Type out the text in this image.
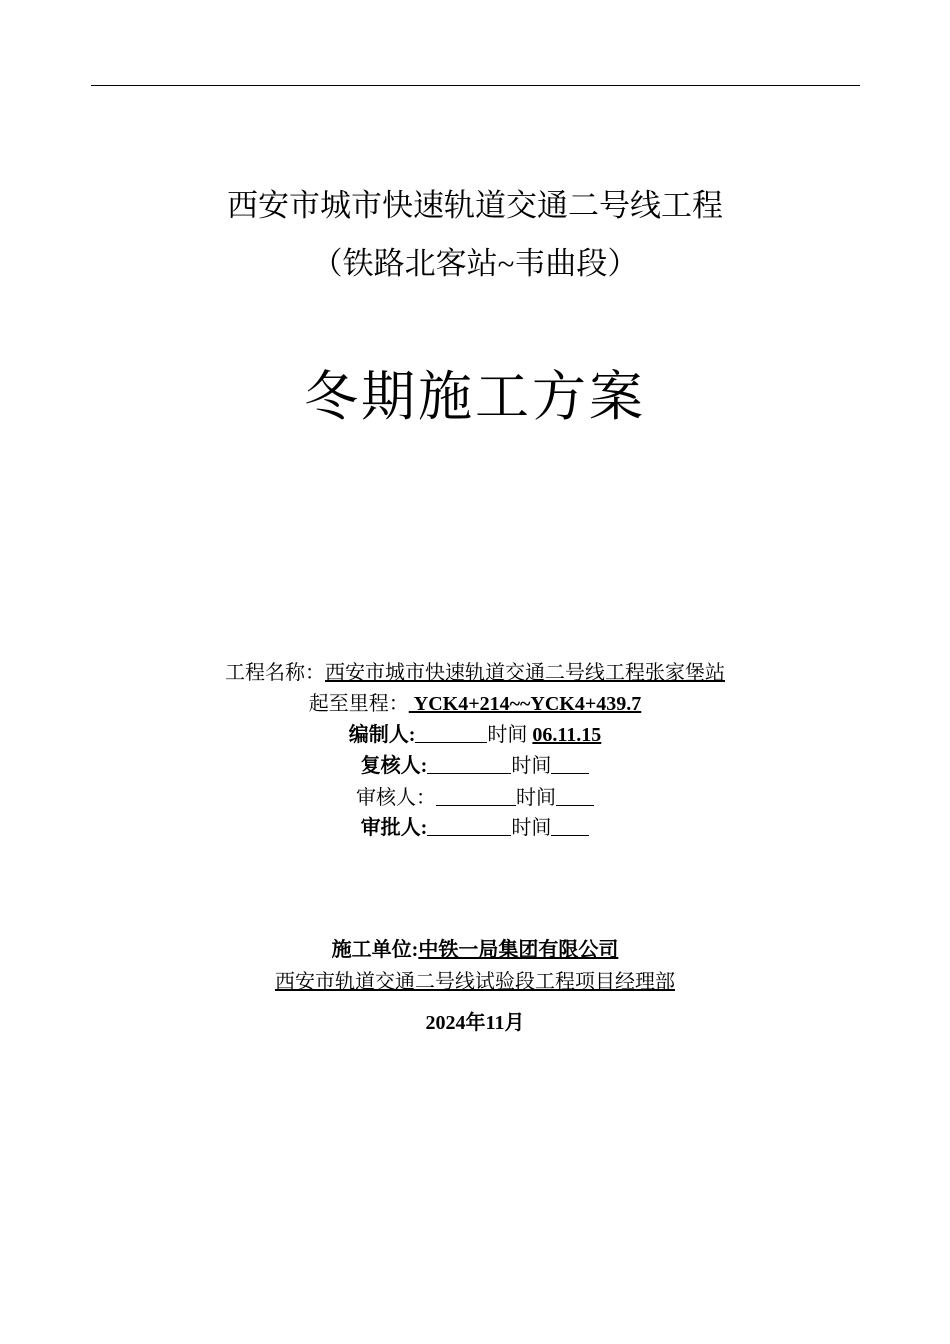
西安市城市快速轨道交通二号线工程
（铁路北客站~韦曲段）
冬期施工方案
工程名称：西安市城市快速轨道交通二号线工程张家堡站
起至里程： YCK4+214~~YCK4+439.7
编制人:	时间 06.11.15
复核人:	时间
审核人：	时间
审批人:	时间
施工单位:中铁一局集团有限公司
西安市轨道交通二号线试验段工程项目经理部
2024年11月
